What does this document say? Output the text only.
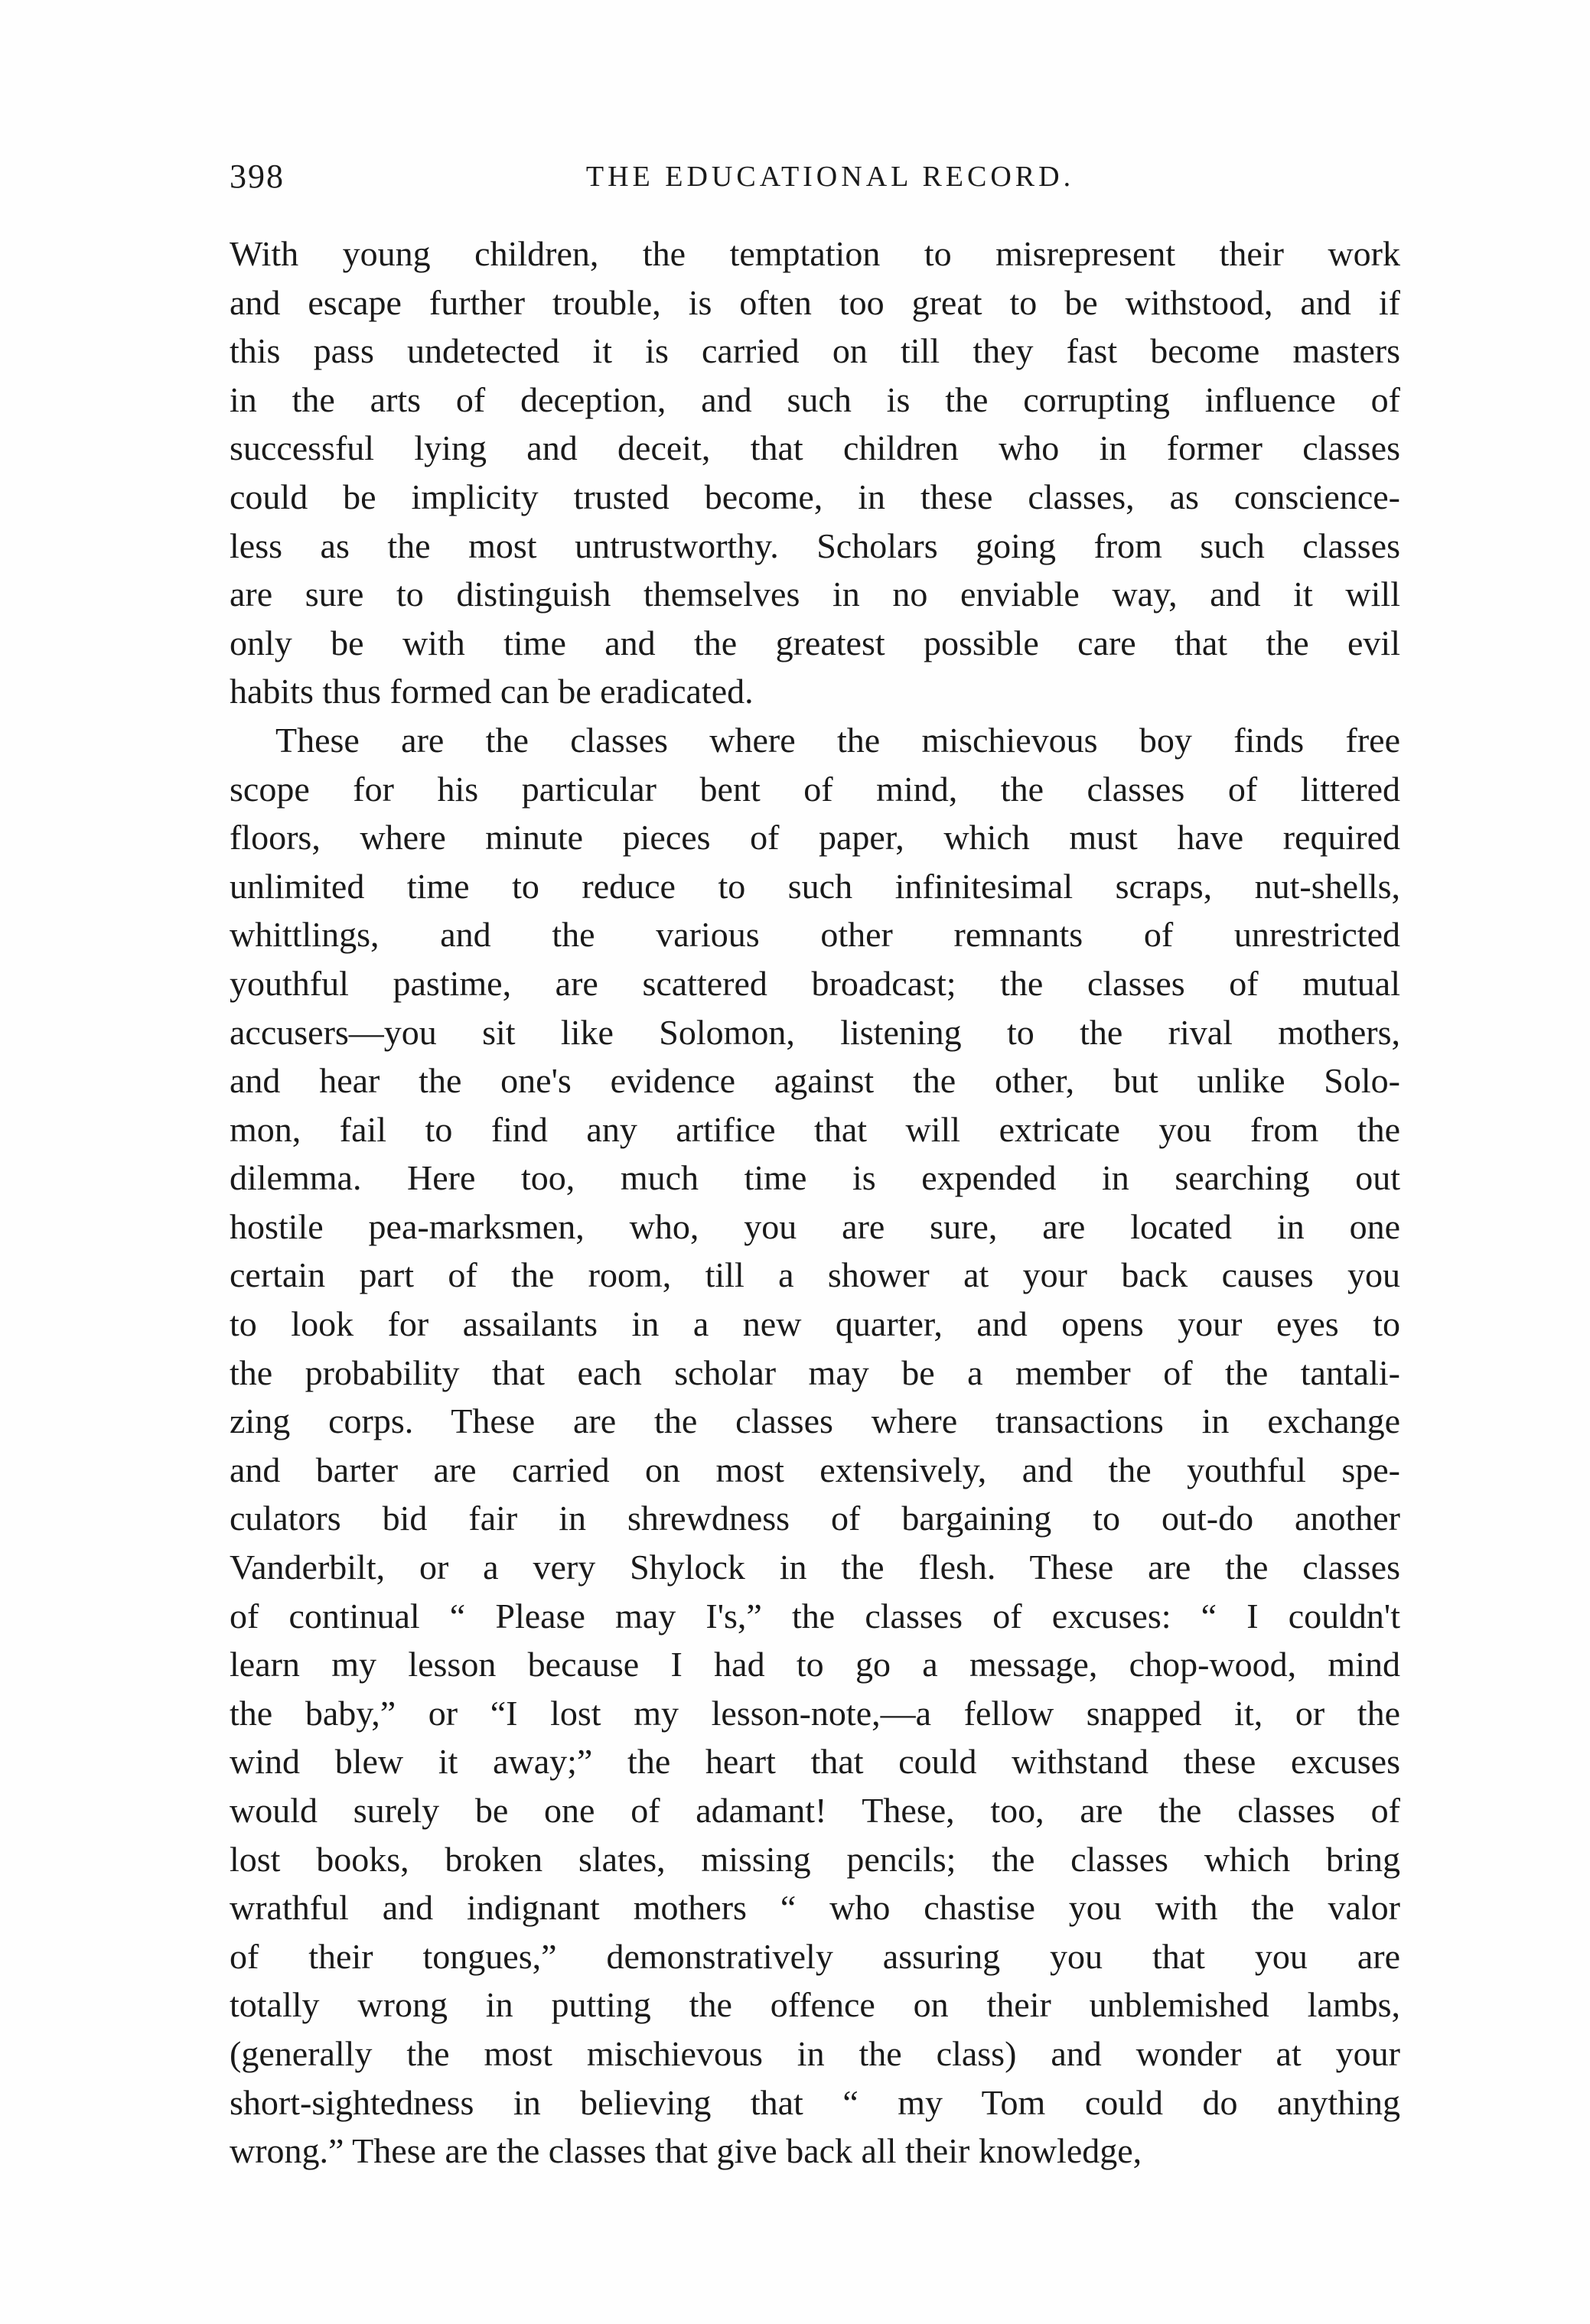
398	THE EDUCATIONAL RECORD.

With young children, the temptation to misrepresent their work
and escape further trouble, is often too great to be withstood, and if
this pass undetected it is carried on till they fast become masters
in the arts of deception, and such is the corrupting influence of
successful lying and deceit, that children who in former classes
could be implicity trusted become, in these classes, as conscience-
less as the most untrustworthy. Scholars going from such classes
are sure to distinguish themselves in no enviable way, and it will
only be with time and the greatest possible care that the evil
habits thus formed can be eradicated.

These are the classes where the mischievous boy finds free
scope for his particular bent of mind, the classes of littered
floors, where minute pieces of paper, which must have required
unlimited time to reduce to such infinitesimal scraps, nut-shells,
whittlings, and the various other remnants of unrestricted
youthful pastime, are scattered broadcast; the classes of mutual
accusers—you sit like Solomon, listening to the rival mothers,
and hear the one's evidence against the other, but unlike Solo-
mon, fail to find any artifice that will extricate you from the
dilemma. Here too, much time is expended in searching out
hostile pea-marksmen, who, you are sure, are located in one
certain part of the room, till a shower at your back causes you
to look for assailants in a new quarter, and opens your eyes to
the probability that each scholar may be a member of the tantali-
zing corps. These are the classes where transactions in exchange
and barter are carried on most extensively, and the youthful spe-
culators bid fair in shrewdness of bargaining to out-do another
Vanderbilt, or a very Shylock in the flesh. These are the classes
of continual “ Please may I's,” the classes of excuses: “ I couldn't
learn my lesson because I had to go a message, chop-wood, mind
the baby,” or “I lost my lesson-note,—a fellow snapped it, or the
wind blew it away;” the heart that could withstand these excuses
would surely be one of adamant! These, too, are the classes of
lost books, broken slates, missing pencils; the classes which bring
wrathful and indignant mothers “ who chastise you with the valor
of their tongues,” demonstratively assuring you that you are
totally wrong in putting the offence on their unblemished lambs,
(generally the most mischievous in the class) and wonder at your
short-sightedness in believing that “ my Tom could do anything
wrong.” These are the classes that give back all their knowledge,
